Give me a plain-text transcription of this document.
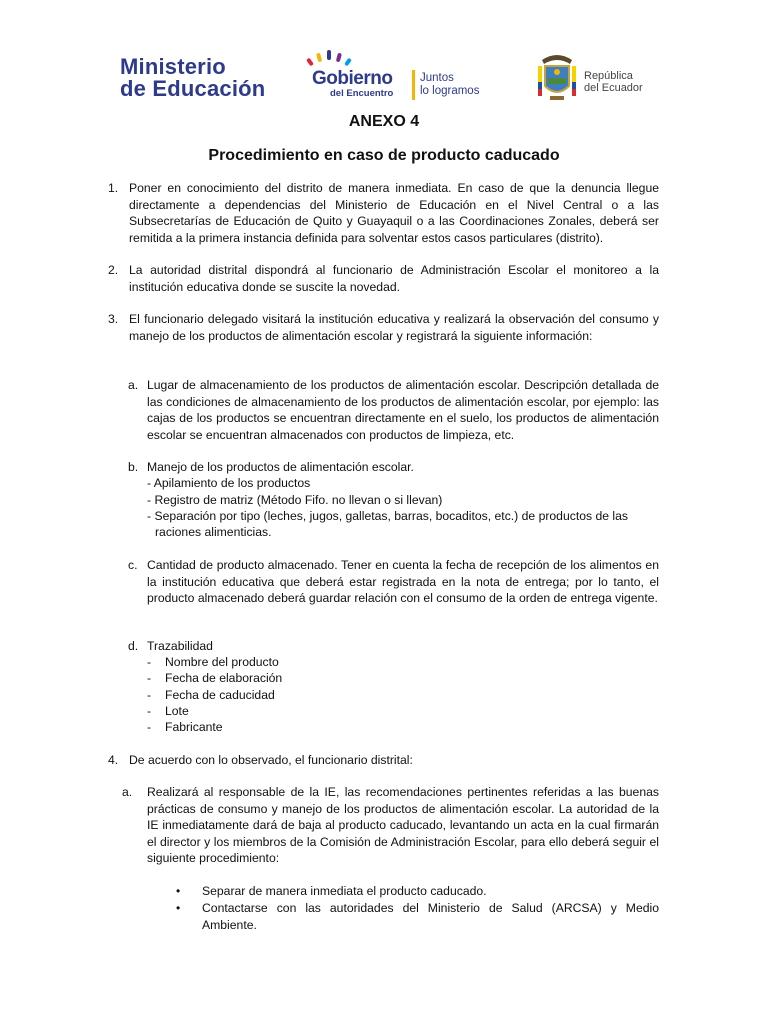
Ministerio
de Educación Gobierno
del Encuentro
Juntos
lo logramos
República
del Ecuador
ANEXO 4
Procedimiento en caso de producto caducado
1. Poner en conocimiento del distrito de manera inmediata. En caso de que la denuncia llegue directamente a dependencias del Ministerio de Educación en el Nivel Central o a las Subsecretarías de Educación de Quito y Guayaquil o a las Coordinaciones Zonales, deberá ser remitida a la primera instancia definida para solventar estos casos particulares (distrito).
2. La autoridad distrital dispondrá al funcionario de Administración Escolar el monitoreo a la institución educativa donde se suscite la novedad.
3. El funcionario delegado visitará la institución educativa y realizará la observación del consumo y manejo de los productos de alimentación escolar y registrará la siguiente información:
a. Lugar de almacenamiento de los productos de alimentación escolar. Descripción detallada de las condiciones de almacenamiento de los productos de alimentación escolar, por ejemplo: las cajas de los productos se encuentran directamente en el suelo, los productos de alimentación escolar se encuentran almacenados con productos de limpieza, etc.
b. Manejo de los productos de alimentación escolar.
- Apilamiento de los productos
- Registro de matriz (Método Fifo. no llevan o si llevan)
- Separación por tipo (leches, jugos, galletas, barras, bocaditos, etc.) de productos de las
raciones alimenticias.
c. Cantidad de producto almacenado. Tener en cuenta la fecha de recepción de los alimentos en la institución educativa que deberá estar registrada en la nota de entrega; por lo tanto, el producto almacenado deberá guardar relación con el consumo de la orden de entrega vigente.
d. Trazabilidad
-	Nombre del producto
-	Fecha de elaboración
-	Fecha de caducidad
-	Lote
-	Fabricante
4. De acuerdo con lo observado, el funcionario distrital:
a.	Realizará al responsable de la IE, las recomendaciones pertinentes referidas a las buenas prácticas de consumo y manejo de los productos de alimentación escolar. La autoridad de la IE inmediatamente dará de baja al producto caducado, levantando un acta en la cual firmarán el director y los miembros de la Comisión de Administración Escolar, para ello deberá seguir el siguiente procedimiento:
•	Separar de manera inmediata el producto caducado.
•	Contactarse con las autoridades del Ministerio de Salud (ARCSA) y Medio Ambiente.
